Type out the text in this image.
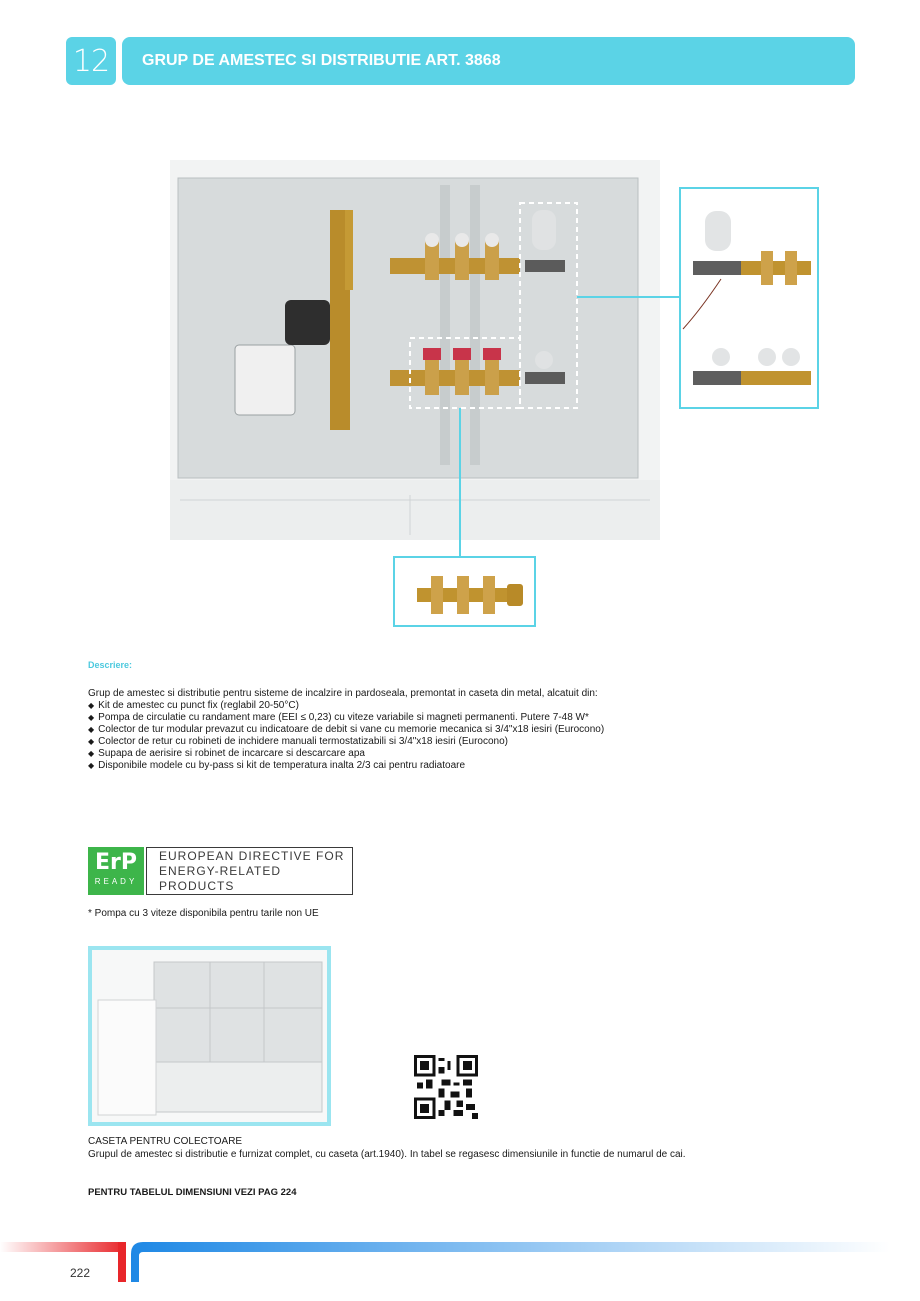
12	GRUP DE AMESTEC SI DISTRIBUTIE ART. 3868
Descriere:
Grup de amestec si distributie pentru sisteme de incalzire in pardoseala, premontat in caseta din metal, alcatuit din:
◆ Kit de amestec cu punct fix (reglabil 20-50°C)
◆ Pompa de circulatie cu randament mare (EEI ≤ 0,23) cu viteze variabile si magneti permanenti. Putere 7-48 W*
◆ Colector de tur modular prevazut cu indicatoare de debit si vane cu memorie mecanica si 3/4"x18 iesiri (Eurocono)
◆ Colector de retur cu robineti de inchidere manuali termostatizabili si 3/4"x18 iesiri (Eurocono)
◆ Supapa de aerisire si robinet de incarcare si descarcare apa
◆ Disponibile modele cu by-pass si kit de temperatura inalta 2/3 cai pentru radiatoare
ErP
READY
EUROPEAN DIRECTIVE FOR
ENERGY-RELATED PRODUCTS
* Pompa cu 3 viteze disponibila pentru tarile non UE
CASETA PENTRU COLECTOARE
Grupul de amestec si distributie e furnizat complet, cu caseta (art.1940). In tabel se regasesc dimensiunile in functie de numarul de cai.
PENTRU TABELUL DIMENSIUNI VEZI PAG 224
222
